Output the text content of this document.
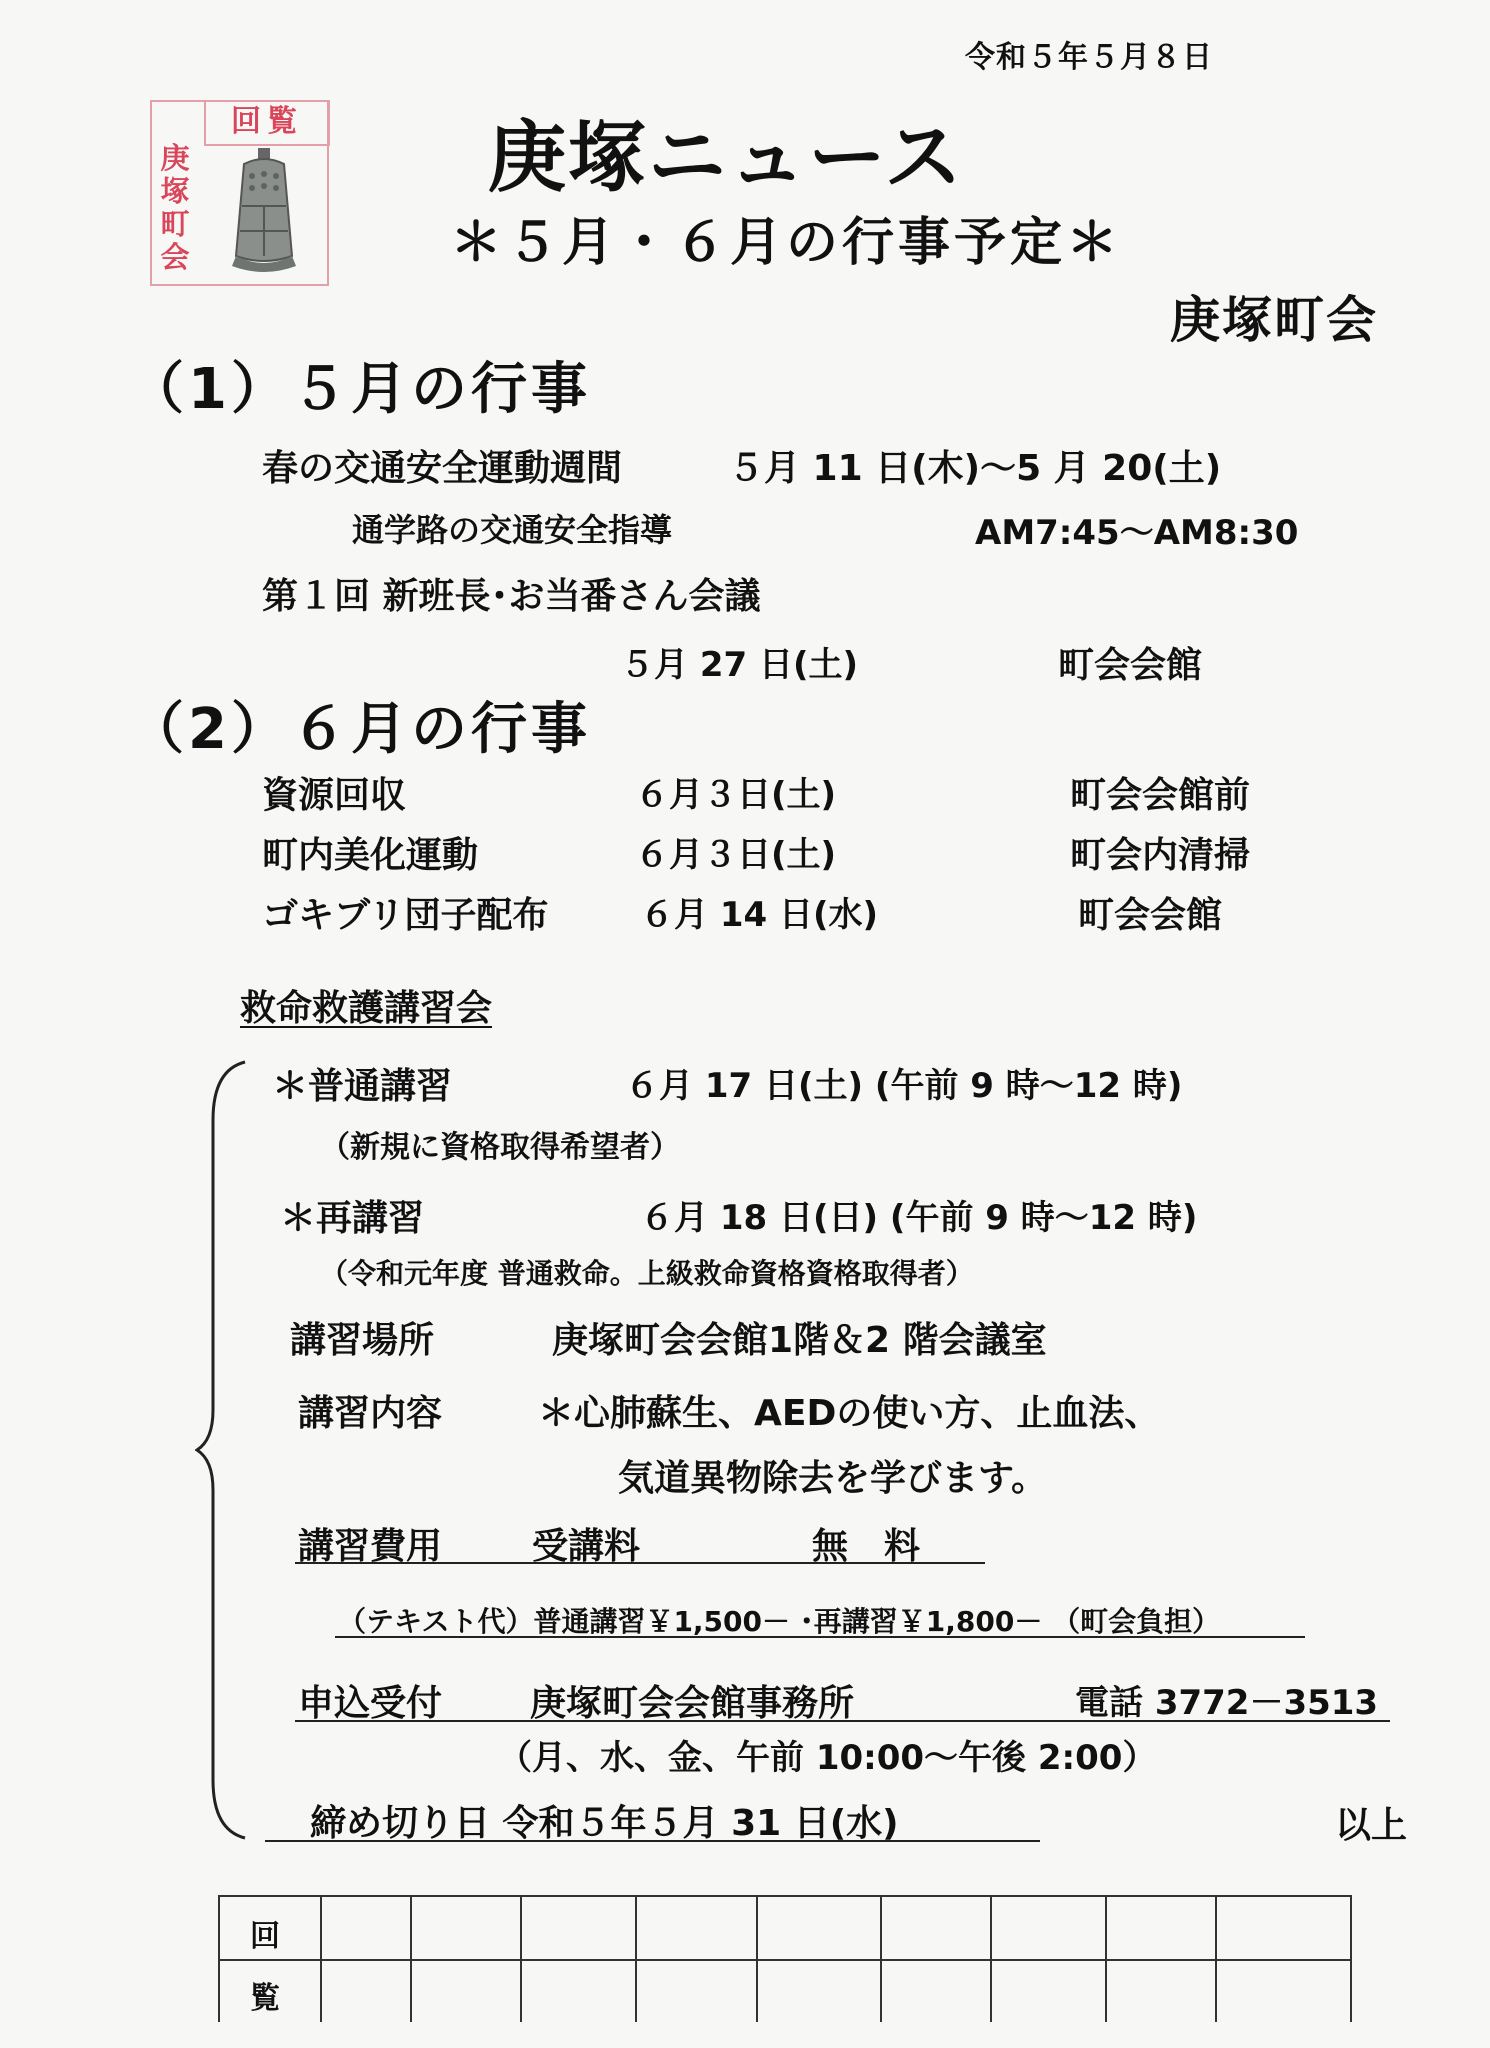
令和５年５月８日
回覧
庚
塚
町
会
庚塚ニュース
＊５月・６月の行事予定＊
庚塚町会
（1）５月の行事
春の交通安全運動週間	５月 11 日(木)～5 月 20(土)
通学路の交通安全指導	AM7:45～AM8:30
第１回 新班長･お当番さん会議
５月 27 日(土)	町会会館
（2）６月の行事
資源回収	６月３日(土)	町会会館前
町内美化運動	６月３日(土)	町会内清掃
ゴキブリ団子配布	６月 14 日(水)	町会会館
救命救護講習会
＊普通講習	６月 17 日(土) (午前 9 時～12 時)
（新規に資格取得希望者）
＊再講習	６月 18 日(日) (午前 9 時～12 時)
（令和元年度 普通救命。上級救命資格資格取得者）
講習場所	庚塚町会会館1階＆2 階会議室
講習内容	＊心肺蘇生、AEDの使い方、止血法、
気道異物除去を学びます。
講習費用 受講料	無　料
（テキスト代）普通講習￥1,500－ ･再講習￥1,800－ （町会負担）
申込受付 庚塚町会会館事務所	電話 3772－3513
（月、水、金、午前 10:00～午後 2:00）
締め切り日 令和５年５月 31 日(水)	以上
回
覧
